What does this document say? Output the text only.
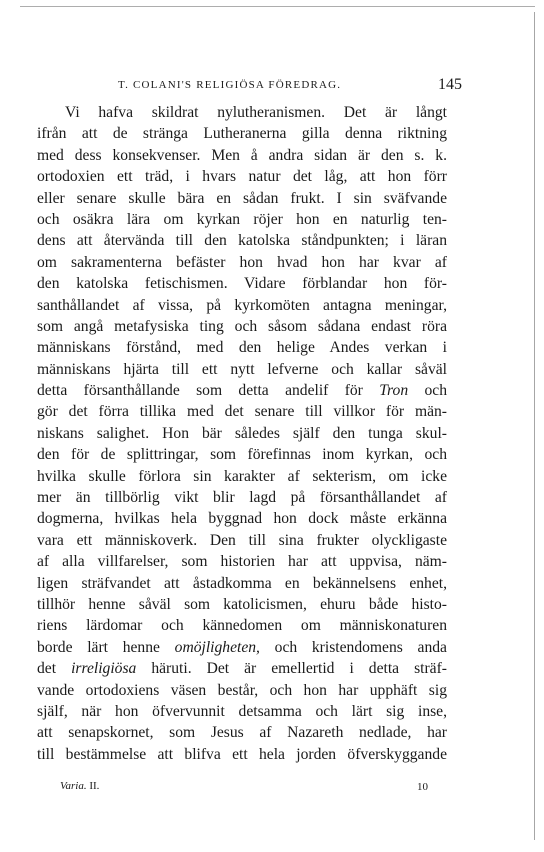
T. COLANI'S RELIGIÖSA FÖREDRAG.	145
Vi hafva skildrat nylutheranismen. Det är långt
ifrån att de stränga Lutheranerna gilla denna riktning
med dess konsekvenser. Men å andra sidan är den s. k.
ortodoxien ett träd, i hvars natur det låg, att hon förr
eller senare skulle bära en sådan frukt. I sin sväfvande
och osäkra lära om kyrkan röjer hon en naturlig ten-
dens att återvända till den katolska ståndpunkten; i läran
om sakramenterna befäster hon hvad hon har kvar af
den katolska fetischismen. Vidare förblandar hon för-
santhållandet af vissa, på kyrkomöten antagna meningar,
som angå metafysiska ting och såsom sådana endast röra
människans förstånd, med den helige Andes verkan i
människans hjärta till ett nytt lefverne och kallar såväl
detta försanthållande som detta andelif för Tron och
gör det förra tillika med det senare till villkor för män-
niskans salighet. Hon bär således själf den tunga skul-
den för de splittringar, som förefinnas inom kyrkan, och
hvilka skulle förlora sin karakter af sekterism, om icke
mer än tillbörlig vikt blir lagd på försanthållandet af
dogmerna, hvilkas hela byggnad hon dock måste erkänna
vara ett människoverk. Den till sina frukter olyckligaste
af alla villfarelser, som historien har att uppvisa, näm-
ligen sträfvandet att åstadkomma en bekännelsens enhet,
tillhör henne såväl som katolicismen, ehuru både histo-
riens lärdomar och kännedomen om människonaturen
borde lärt henne omöjligheten, och kristendomens anda
det irreligiösa häruti. Det är emellertid i detta sträf-
vande ortodoxiens väsen består, och hon har upphäft sig
själf, när hon öfvervunnit detsamma och lärt sig inse,
att senapskornet, som Jesus af Nazareth nedlade, har
till bestämmelse att blifva ett hela jorden öfverskyggande
Varia. II.	10
